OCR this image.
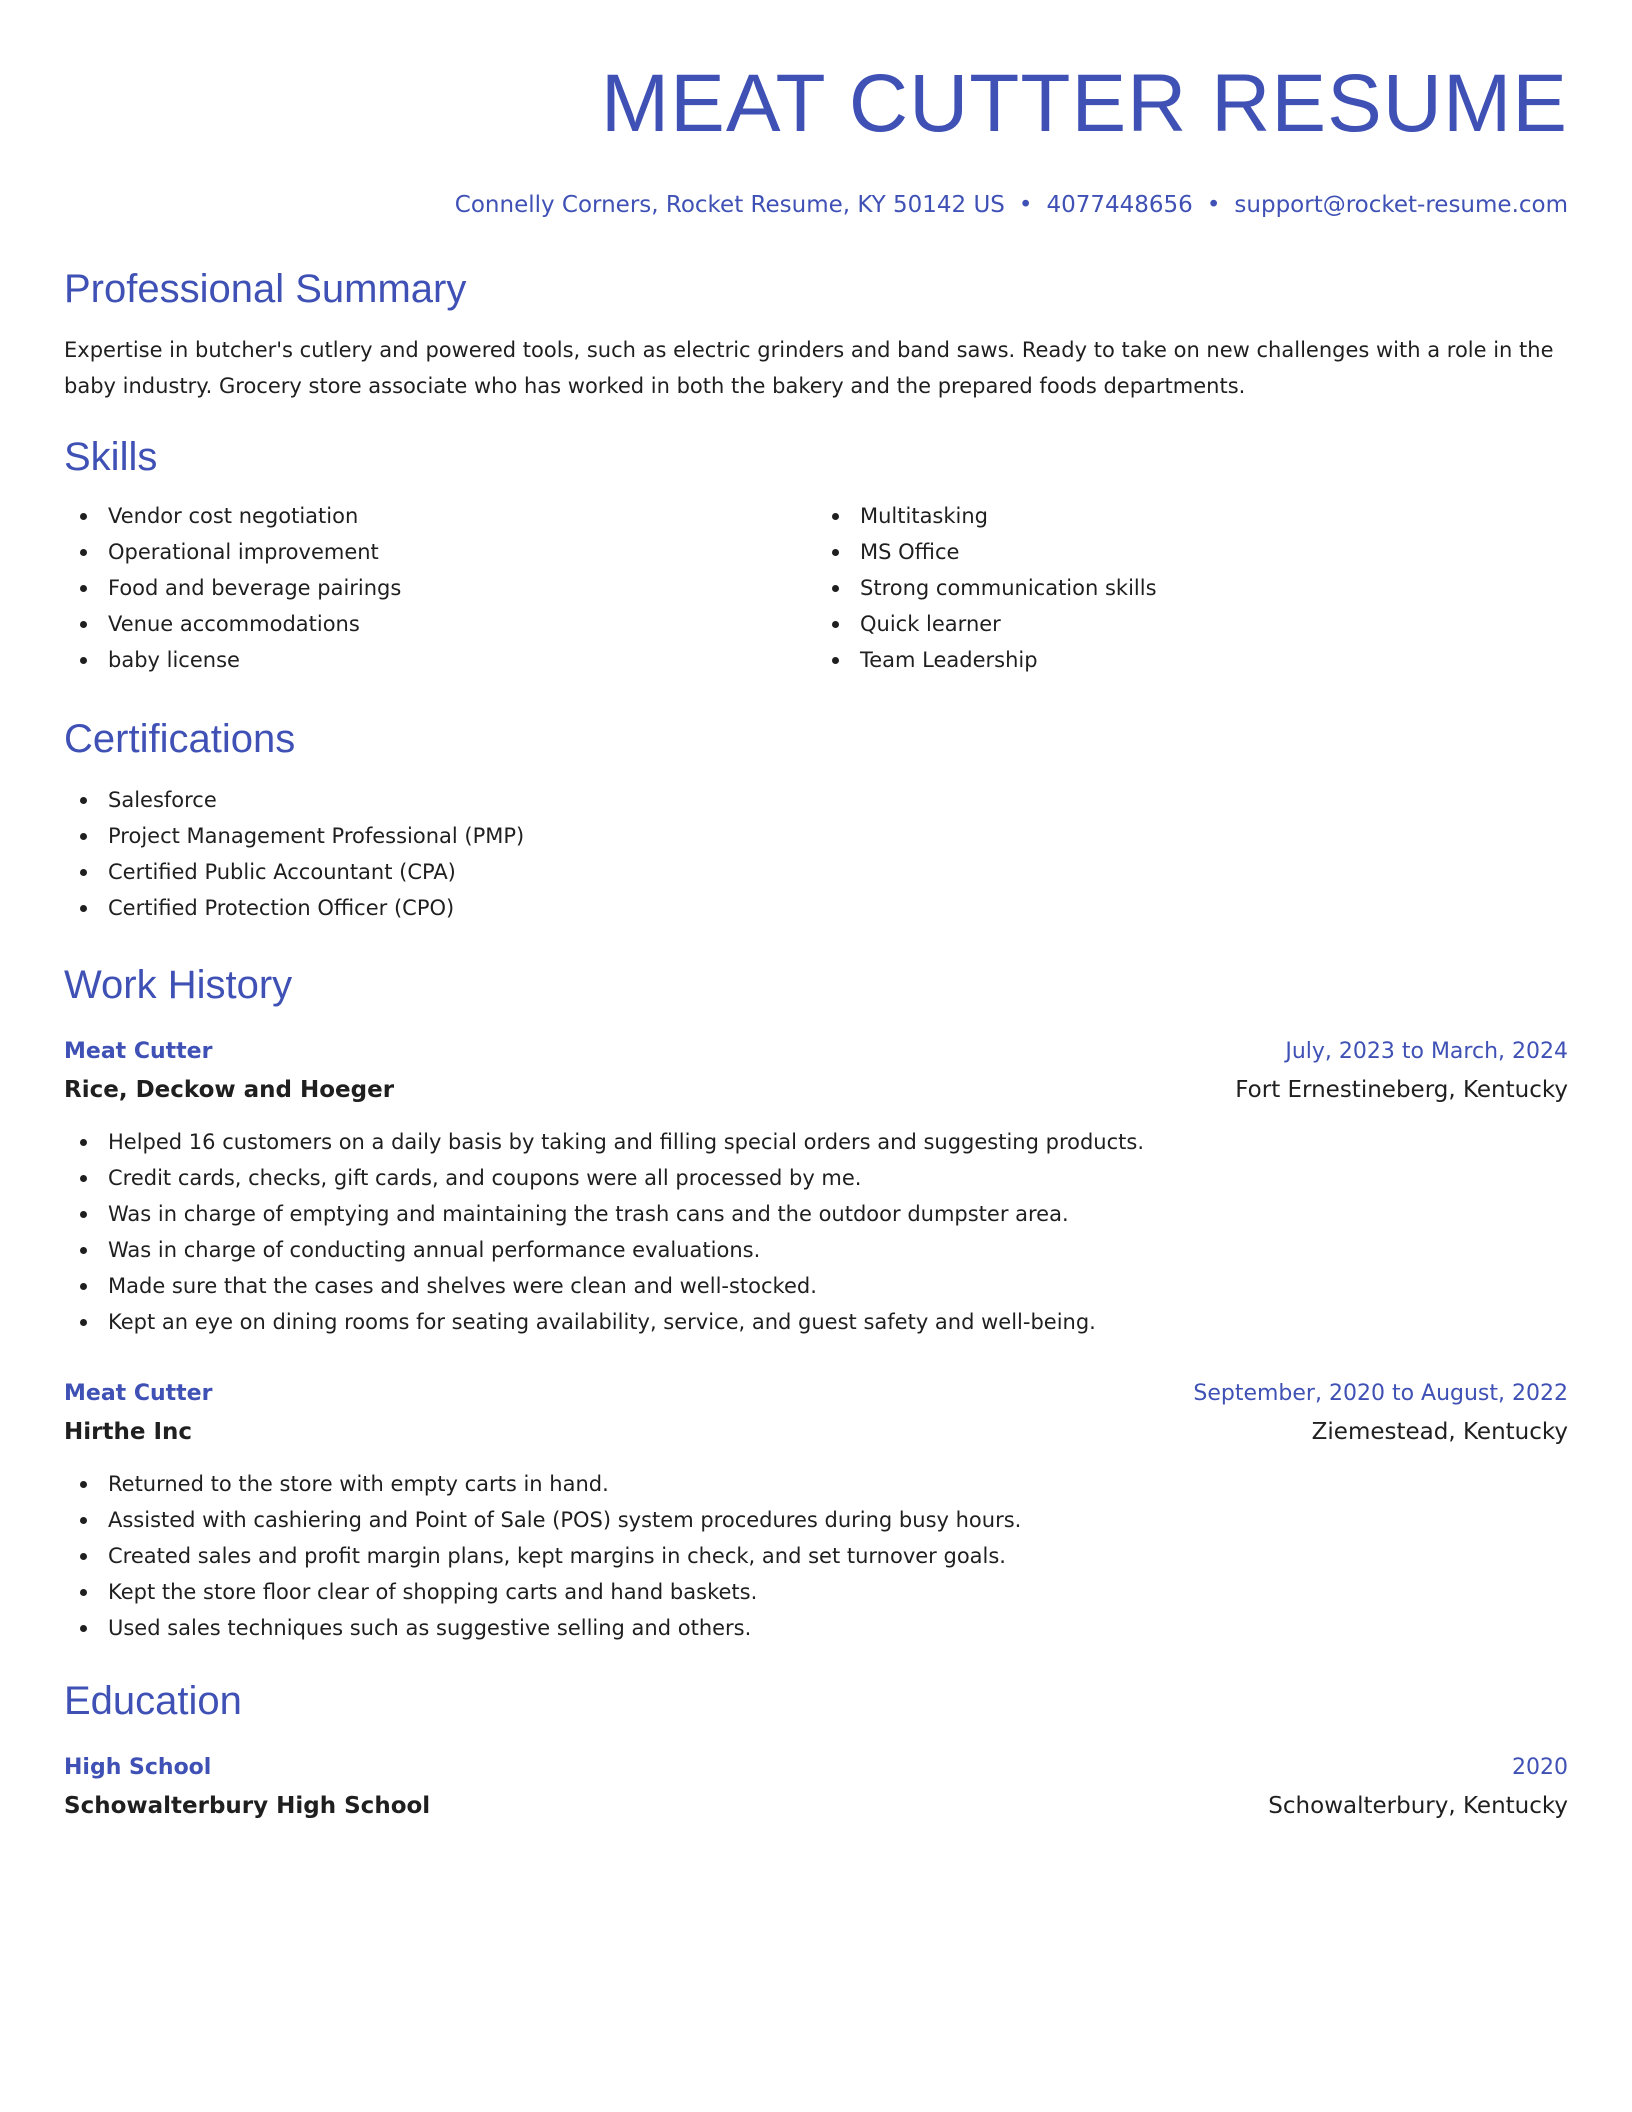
MEAT CUTTER RESUME
Connelly Corners, Rocket Resume, KY 50142 US • 4077448656 • support@rocket-resume.com
Professional Summary

Expertise in butcher's cutlery and powered tools, such as electric grinders and band saws. Ready to take on new challenges with a role in the baby industry. Grocery store associate who has worked in both the bakery and the prepared foods departments.

Skills
Vendor cost negotiation
Operational improvement
Food and beverage pairings
Venue accommodations
baby license
Multitasking
MS Office
Strong communication skills
Quick learner
Team Leadership
Certifications
Salesforce
Project Management Professional (PMP)
Certified Public Accountant (CPA)
Certified Protection Officer (CPO)
Work History
Meat Cutter	July, 2023 to March, 2024
Rice, Deckow and Hoeger	Fort Ernestineberg, Kentucky
Helped 16 customers on a daily basis by taking and filling special orders and suggesting products.
Credit cards, checks, gift cards, and coupons were all processed by me.
Was in charge of emptying and maintaining the trash cans and the outdoor dumpster area.
Was in charge of conducting annual performance evaluations.
Made sure that the cases and shelves were clean and well-stocked.
Kept an eye on dining rooms for seating availability, service, and guest safety and well-being.
Meat Cutter	September, 2020 to August, 2022
Hirthe Inc	Ziemestead, Kentucky
Returned to the store with empty carts in hand.
Assisted with cashiering and Point of Sale (POS) system procedures during busy hours.
Created sales and profit margin plans, kept margins in check, and set turnover goals.
Kept the store floor clear of shopping carts and hand baskets.
Used sales techniques such as suggestive selling and others.
Education
High School	2020
Schowalterbury High School	Schowalterbury, Kentucky
